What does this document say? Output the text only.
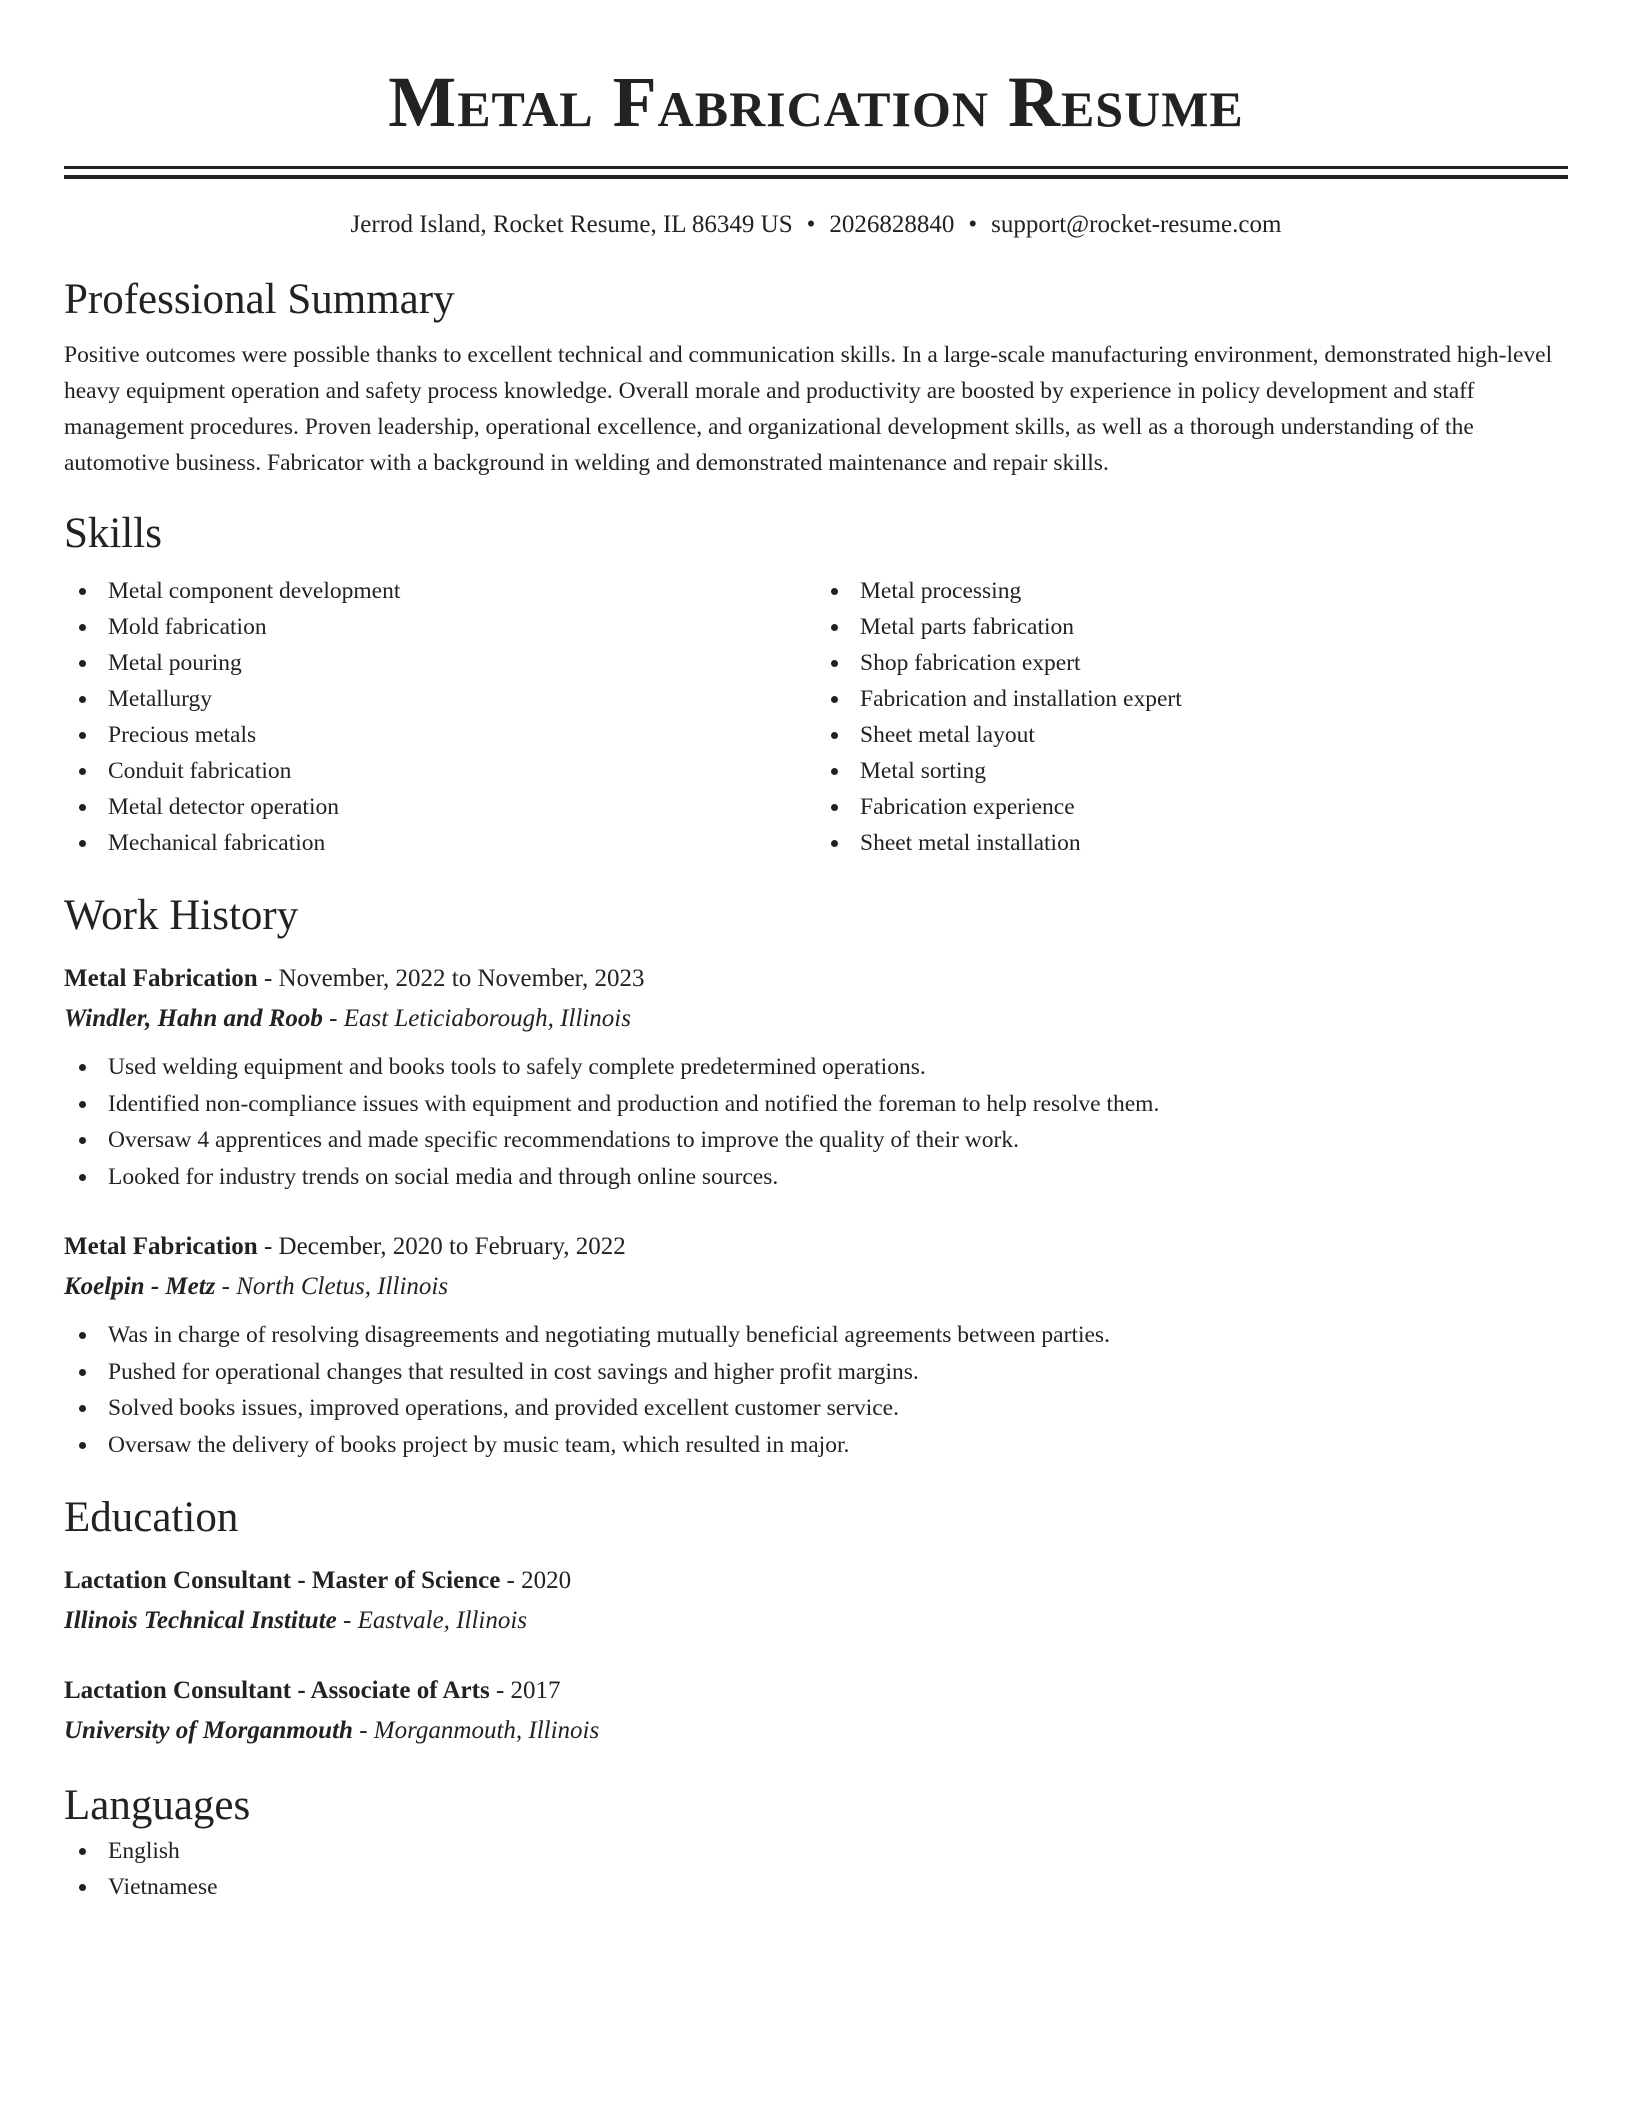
Metal Fabrication Resume
Jerrod Island, Rocket Resume, IL 86349 US • 2026828840 • support@rocket-resume.com
Professional Summary

Positive outcomes were possible thanks to excellent technical and communication skills. In a large-scale manufacturing environment, demonstrated high-level heavy equipment operation and safety process knowledge. Overall morale and productivity are boosted by experience in policy development and staff management procedures. Proven leadership, operational excellence, and organizational development skills, as well as a thorough understanding of the automotive business. Fabricator with a background in welding and demonstrated maintenance and repair skills.

Skills
Metal component development
Mold fabrication
Metal pouring
Metallurgy
Precious metals
Conduit fabrication
Metal detector operation
Mechanical fabrication
Metal processing
Metal parts fabrication
Shop fabrication expert
Fabrication and installation expert
Sheet metal layout
Metal sorting
Fabrication experience
Sheet metal installation
Work History
Metal Fabrication - November, 2022 to November, 2023
Windler, Hahn and Roob - East Leticiaborough, Illinois
Used welding equipment and books tools to safely complete predetermined operations.
Identified non-compliance issues with equipment and production and notified the foreman to help resolve them.
Oversaw 4 apprentices and made specific recommendations to improve the quality of their work.
Looked for industry trends on social media and through online sources.
Metal Fabrication - December, 2020 to February, 2022
Koelpin - Metz - North Cletus, Illinois
Was in charge of resolving disagreements and negotiating mutually beneficial agreements between parties.
Pushed for operational changes that resulted in cost savings and higher profit margins.
Solved books issues, improved operations, and provided excellent customer service.
Oversaw the delivery of books project by music team, which resulted in major.
Education
Lactation Consultant - Master of Science - 2020
Illinois Technical Institute - Eastvale, Illinois
Lactation Consultant - Associate of Arts - 2017
University of Morganmouth - Morganmouth, Illinois
Languages
English
Vietnamese
